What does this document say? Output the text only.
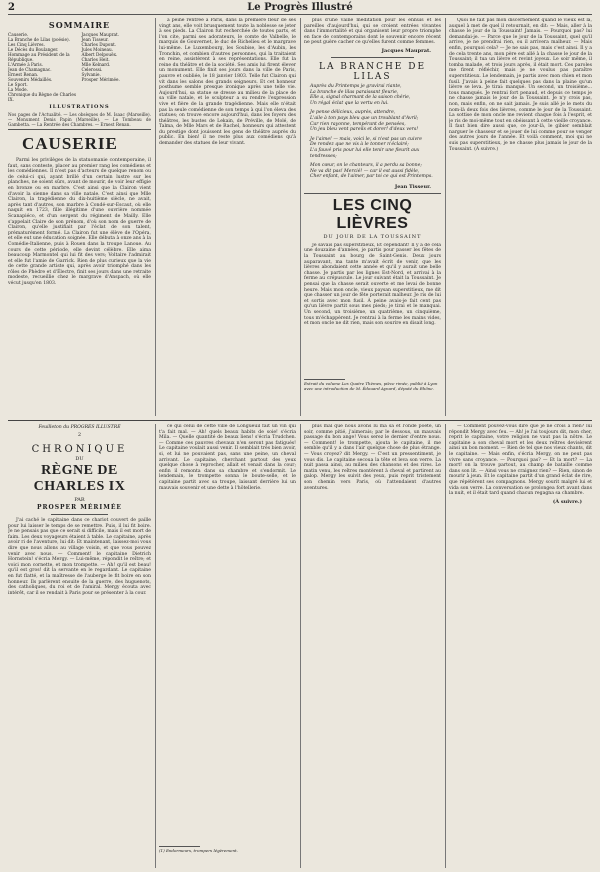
2	Le Progrès Illustré
SOMMAIRE
Causerie.
La Branche de Lilas (poésie).
Les Cinq Lièvres.
Le Décès du Boulanger.
Hommage au Président de la République.
L'Armée à Paris.
Jean de Chamagnac.
Ernest Renan.
Souvenirs Médaillés.
Le Sport.
La Mode.
Chronique du Règne de Charles IX.
Jacques Mauprat.
Jean Tisseur.
Charles Dupont.
Jules Moineau.
Albert Delpouëx.
Charles Heit.
Mlle Kelnard.
Celerossi.
Sylvanie.
Prosper Mérimée.
ILLUSTRATIONS
Nos pages de l'Actualité. — Les obsèques de M. Isaac (Marseille). — Monument Denis Papin (Marseille). — Le Tombeau de Gambetta. — La Rentrée des Chambres. — Ernest Renan.
CAUSERIE

Parmi les privilèges de la statuomanie contemporaine, il faut, sans conteste, placer au premier rang les comédiens et les comédiennes. Il n'est pas d'acteurs de quelque renom ou de celui-ci qui, ayant brillé d'un certain lustre sur les planches, ne soient sûrs, avant de mourir, de voir leur effigie en bronze ou en marbre. C'est ainsi que la Clairon vient d'avoir la sienne dans sa ville natale. C'est ainsi que Mlle Clairon, la tragédienne du dix-huitième siècle, ne avait, après tant d'autres, son marbre à Condé-sur-Escaut, où elle naquit en 1723, fille illégitime d'une ouvrière nommée Scanapiéco, et d'un sergent du régiment de Mailly. Elle s'appelait Claire de son prénom, d'où son nom de guerre de Clairon, qu'elle justifiait par l'éclat de son talent, prématurément formé. La Clairon fut une élève de l'Opéra, et elle eut une éducation soignée. Elle débuta à onze ans à la Comédie-Italienne, puis à Rouen dans la troupe Lanoue. Au cours de cette période, elle devint célèbre. Elle aima beaucoup Marmontel qui lui fit des vers; Voltaire l'admirait et elle fut l'amie de Garrick. Rien de plus curieux que la vie de cette grande artiste qui, après avoir triomphé dans les rôles de Phèdre et d'Électre, finit ses jours dans une retraite modeste, recueillie chez le margrave d'Anspach, où elle vécut jusqu'en 1803.

à peine rentrée à Paris, dans la première fleur de ses vingt ans, elle voit brusquement toute la noblesse se jeter à ses pieds. La Clairon fut recherchée de toutes parts, et l'on cite, parmi ses adorateurs, le comte de Valbelle, le marquis de Gouvernet, le duc de Richelieu et le margrave lui-même. Le Luxembourg, les Soubise, les d'Aubin, les Tronchin, et combien d'autres personnes, qui la traitaient en reine, assistèrent à ses représentations. Elle fut la reine du théâtre et de la société. Ses amis lui firent élever un monument. Elle finit ses jours dans la ville de Paris, pauvre et oubliée, le 18 janvier 1803. Telle fut Clairon qui vit dans les salons des grands seigneurs. Et cet honneur posthume semble presque ironique après une telle vie. Aujourd'hui, sa statue se dresse au milieu de la place de sa ville natale, et le sculpteur a su rendre l'expression vive et fière de la grande tragédienne. Mais elle n'était pas la seule comédienne de son temps à qui l'on éleva des statues; on trouve encore aujourd'hui, dans les foyers des théâtres, les bustes de Lekain, de Préville, de Molé, de Talma, de Mlle Mars et de Rachel, honneurs qui attestent du prestige dont jouissent les gens de théâtre auprès du public. En bien! il ne reste plus aux comédiens qu'à demander des statues de leur vivant.

plus d'une vaine méditation pour les ennuis et les pareilles d'aujourd'hui, qui se croient entrées vivantes dans l'immortalité et qui organisent leur propre triomphe en face de contemporains dont le souvenir encore récent ne peut guère cacher ce qu'elles furent comme femmes.

Jacques Mauprat.
LA BRANCHE DE LILAS
Auprès du Printemps je gravirai riante,
La branche de lilas paraissant fleurie,
Elle a, signal charmant de la saison chérie,
Un régal éclat que la vertu en lui.
Je pense délicieux, auprès, attendre,
L'aile à ton pays bleu que un troublant d'Avril;
Car rien rayonne, tempérant de pensées,
Un jeu bleu vent pareils et dorer! d'deux vers!
Je l'aime! — mais, voici le, si n'est pas un cuivre
De rendez que ne vis à le tonner n'éclairé;
L'a fauvé pris pour lui elle tenir une fleurit aux tendresses;
Mon cœur, on le chanteurs, il a perdu sa bonne;
Ne va dit pas! Mercié! — car il est aussi fidèle,
Cher enfant, de l'aimer, par toi ce qui est Printemps.
Jean Tisseur.
LES CINQ LIÈVRES
DU JOUR DE LA TOUSSAINT

Je savais pas superstitieux, Et cependant! Il y a de cela une douzaine d'années, je partis pour passer les fêtes de la Toussaint au bourg de Saint-Genis. Deux jours auparavant, ma tante m'avait écrit de venir, que les lièvres abondaient cette année et qu'il y aurait une belle chasse. Je partis par les lignes Est-Nord, et arrivai à la ferme au crépuscule. Le jour suivant était la Toussaint. Je pensai que la chasse serait ouverte et me levai de bonne heure. Mais mon oncle, vieux paysan superstitieux, me dit que chasser un jour de fête porterait malheur. Je ris de lui et sortis avec mon fusil. À peine avais-je fait cent pas qu'un lièvre partit sous mes pieds; je tirai et le manquai. Un second, un troisième, un quatrième, un cinquième, tous m'échappèrent. Je rentrai à la ferme les mains vides, et mon oncle ne dit rien, mais son sourire en disait long.

Extrait du volume Les Quatre Thèmes, pièce rimée, publié à Lyon avec une introduction de M. Édouard Aynard, député du Rhône.

Quoi ne fait pas mon discernement quand le vieux est la, auquel à met de quel il retournait, en dit: — Mais, aller à la chasse le jour de la Toussaint! Jamais. — Pourquoi pas? lui demandai-je. — Parce que le jour de la Toussaint, quel qu'il arrive, je ne prendrai rien, ou il arrivera malheur. — Mais enfin, pourquoi cela? — Je ne sais pas, mais c'est ainsi. Il y a de cela trente ans, mon père est allé à la chasse le jour de la Toussaint; il tua un lièvre et revint joyeux. Le soir même, il tomba malade, et trois jours après, il était mort. Ces paroles me firent réfléchir, mais je ne voulus pas paraître superstitieux. Le lendemain, je partis avec mon chien et mon fusil. J'avais à peine fait quelques pas dans la plaine qu'un lièvre se leva. Je tirai: manqué. Un second, un troisième... tous manqués. Je rentrai fort penaud, et depuis ce temps je ne chasse jamais le jour de la Toussaint. Je n'y crois pas, non, mais enfin, on ne sait jamais. Je suis allé je le mets du nom-là deux fois des lièvres, comme le jour de la Toussaint. La sottise de mon oncle me revient chaque fois à l'esprit, et je ris de moi-même tout en obéissant à cette vieille croyance. Il faut bien dire aussi que, ce jour-là, le gibier semblait narguer le chasseur et se jouer de lui comme pour se venger des autres jours de l'année. Et voilà comment, moi qui ne suis pas superstitieux, je ne chasse plus jamais le jour de la Toussaint. (À suivre.)

Feuilleton du PROGRÈS ILLUSTRÉ
2
CHRONIQUE
DU
RÈGNE DE CHARLES IX
PAR
PROSPER MÉRIMÉE

J'ai caché le capitaine dans ce chariot couvert de paille pour lui laisser le temps de se remettre. Puis, il lui fit boire. Je ne pensais pas que ce serait si difficile, mais il est mort de faim. Les deux voyageurs étaient à table. Le capitaine, après avoir ri de l'aventure, lui dit: Et maintenant, laissez-moi vous dire que nous allons au village voisin, et que vous pouvez venir avec nous. — Comment! le capitaine Dietrich Hornstein! s'écria Mergy. — Lui-même, répondit le reître; et voici mon cornette, et mon trompette. — Ah! qu'il est beau! qu'il est gros! dit la servante en le regardant. Le capitaine en fut flatté, et la maîtresse de l'auberge le fit boire en son honneur. Ils parlèrent ensuite de la guerre, des huguenots, des catholiques, du roi et de l'amiral. Mergy écouta avec intérêt, car il se rendait à Paris pour se présenter à la cour.

ce qui celui de cette ville de Longueuil fait un vin qui t'a fait mal. — Ah! quels beaux habits de soie! s'écria Mila. — Quelle quantité de beaux liens! s'écria Trudchen. — Comme ces pauvres chevaux n'en seront pas fatigués! Le capitaine voulait aussi venir. Il semblait très bien avoir, si, et lui ne pouvaient pas, sans une peine, un cheval arrivant. Le capitaine, cherchant partout des yeux quelque chose à reprocher, allait et venait dans la cour; enfin il remonta dans sa chambre et s'endormit. Le lendemain, le trompette sonna le boute-selle, et le capitaine partit avec sa troupe, laissant derrière lui un mauvais souvenir et une dette à l'hôtellerie.

(1) Endormeurs, trompers légèrement.

plus mal que nous avons lu ma sa et l'onde poète, un soir, comme pitié, j'aimerais; par le dessous, un mauvais passage du bon ange! Vous serez le dernier d'entre nous. — Comment! le trompette, ajouta le capitaine, il me semble qu'il y a dans l'air quelque chose de plus étrange. — Vous croyez? dit Mergy. — C'est un pressentiment, je vous dis. Le capitaine secoua la tête et leva son verre. La nuit passa ainsi, au milieu des chansons et des rires. Le matin venu, les reîtres montèrent à cheval et partirent au galop. Mergy les suivit des yeux, puis reprit tristement son chemin vers Paris, où l'attendaient d'autres aventures.

— Comment pouvez-vous dire que je ne crois à rien? lui répondit Mergy avec feu. — Ah! je l'ai toujours dit, mon cher, reprit le capitaine, votre religion ne vaut pas la nôtre. Le capitaine a son cheval mort et les deux reîtres devisèrent ainsi un bon moment. — Rien de tel que nos vieux chants, dit le capitaine. — Mais enfin, s'écria Mergy, on ne peut pas vivre sans croyance. — Pourquoi pas? — Et la mort? — La mort! on la trouve partout, au champ de bataille comme dans son lit. — Ainsi vous ne craignez rien? — Rien, sinon de mourir à jeun. Et le capitaine partit d'un grand éclat de rire, que répétèrent ses compagnons. Mergy sourit malgré lui et vida son verre. La conversation se prolongea fort avant dans la nuit, et il était tard quand chacun regagna sa chambre.

(À suivre.)
